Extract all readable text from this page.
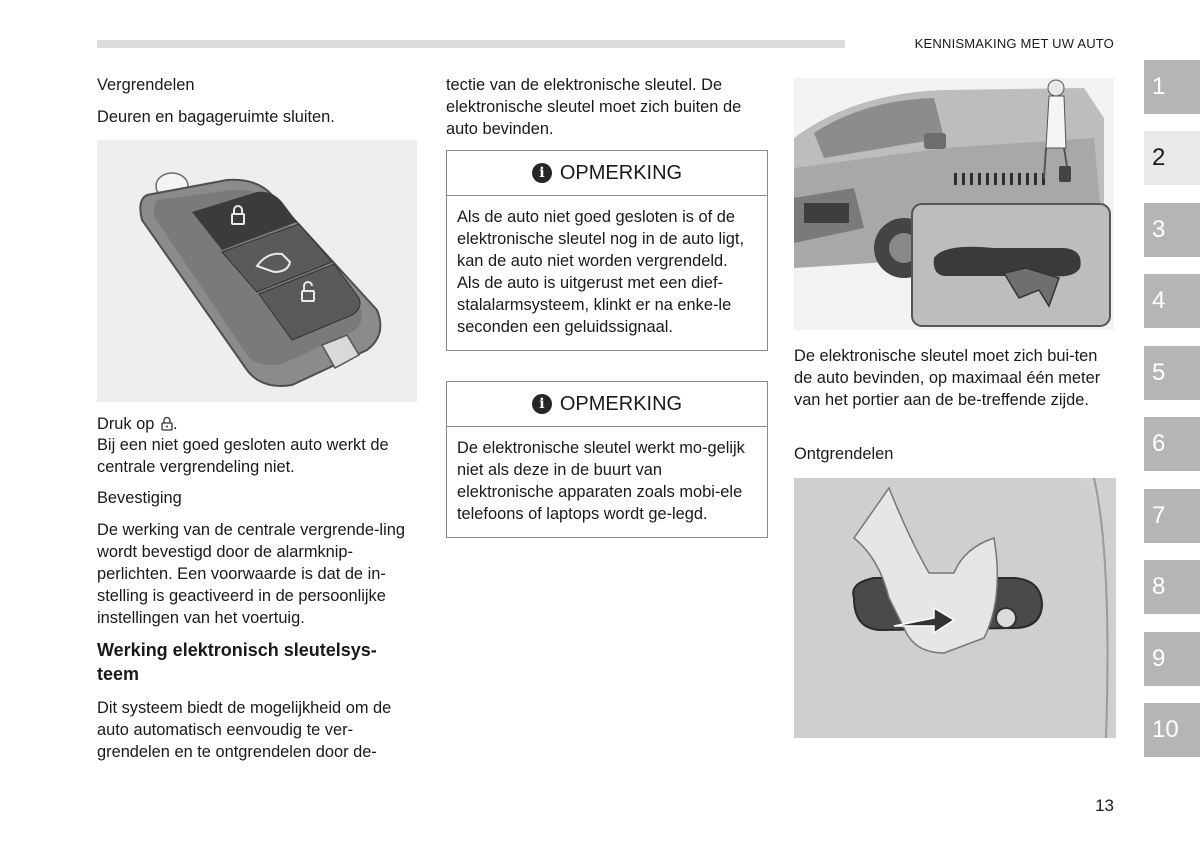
KENNISMAKING MET UW AUTO

Vergrendelen

Deuren en bagageruimte sluiten.

Druk op .

Bij een niet goed gesloten auto werkt de centrale vergrendeling niet.

Bevestiging

De werking van de centrale vergrende-ling wordt bevestigd door de alarmknip-perlichten. Een voorwaarde is dat de in-stelling is geactiveerd in de persoonlijke instellingen van het voertuig.

Werking elektronisch sleutelsys-teem

Dit systeem biedt de mogelijkheid om de auto automatisch eenvoudig te ver-grendelen en te ontgrendelen door de-

tectie van de elektronische sleutel. De elektronische sleutel moet zich buiten de auto bevinden.

i OPMERKING
Als de auto niet goed gesloten is of de elektronische sleutel nog in de auto ligt, kan de auto niet worden vergrendeld.
Als de auto is uitgerust met een dief-stalalarmsysteem, klinkt er na enke-le seconden een geluidssignaal.
i OPMERKING
De elektronische sleutel werkt mo-gelijk niet als deze in de buurt van elektronische apparaten zoals mobi-ele telefoons of laptops wordt ge-legd.

De elektronische sleutel moet zich bui-ten de auto bevinden, op maximaal één meter van het portier aan de be-treffende zijde.

Ontgrendelen

1
2
3
4
5
6
7
8
9
10
13
